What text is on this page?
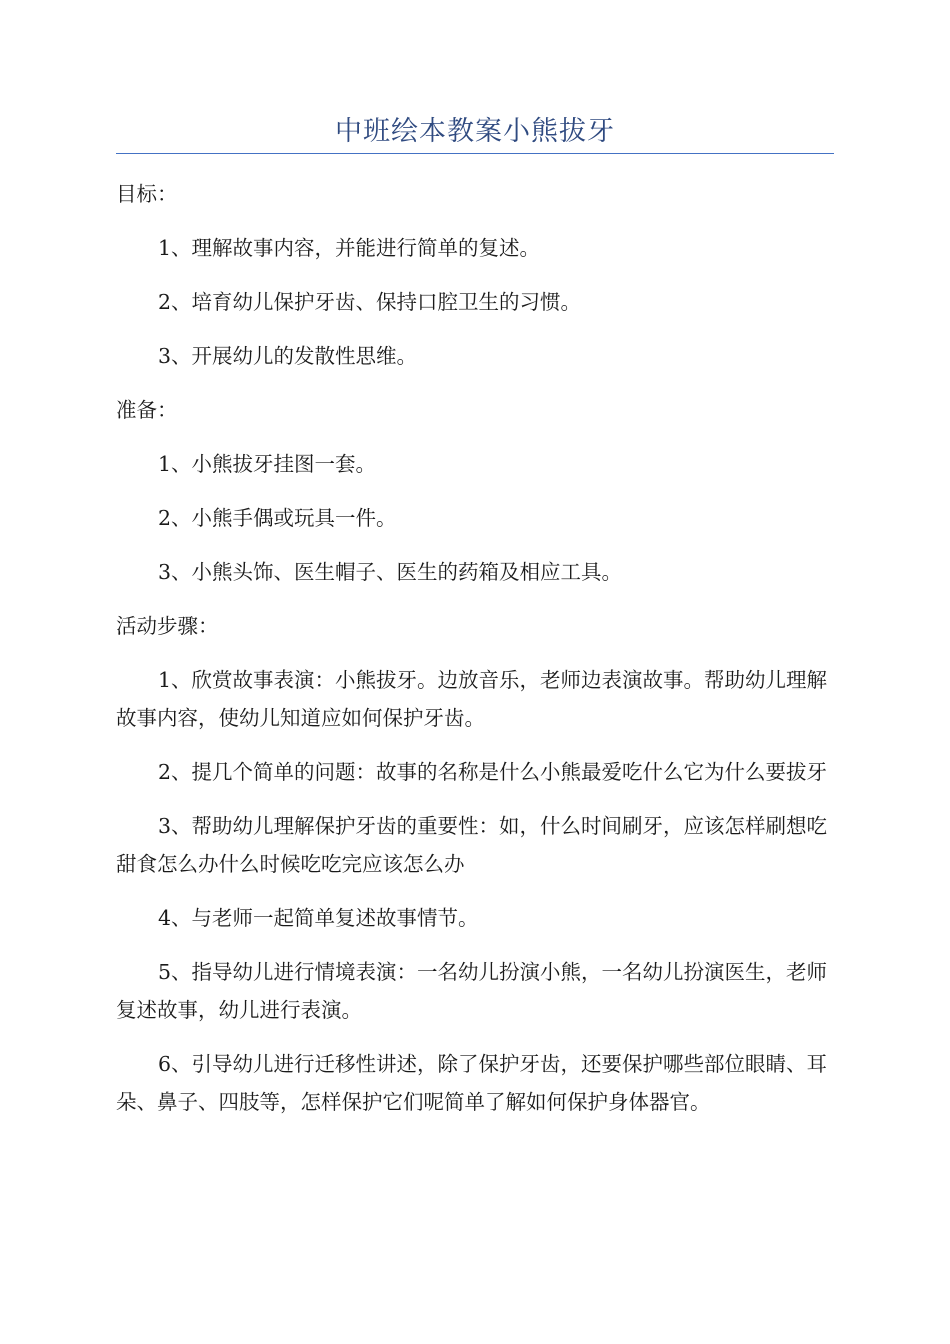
中班绘本教案小熊拔牙

目标：

1、理解故事内容，并能进行简单的复述。

2、培育幼儿保护牙齿、保持口腔卫生的习惯。

3、开展幼儿的发散性思维。

准备：

1、小熊拔牙挂图一套。

2、小熊手偶或玩具一件。

3、小熊头饰、医生帽子、医生的药箱及相应工具。

活动步骤：

1、欣赏故事表演：小熊拔牙。边放音乐，老师边表演故事。帮助幼儿理解故事内容，使幼儿知道应如何保护牙齿。

2、提几个简单的问题：故事的名称是什么小熊最爱吃什么它为什么要拔牙

3、帮助幼儿理解保护牙齿的重要性：如，什么时间刷牙，应该怎样刷想吃甜食怎么办什么时候吃吃完应该怎么办

4、与老师一起简单复述故事情节。

5、指导幼儿进行情境表演：一名幼儿扮演小熊，一名幼儿扮演医生，老师复述故事，幼儿进行表演。

6、引导幼儿进行迁移性讲述，除了保护牙齿，还要保护哪些部位眼睛、耳朵、鼻子、四肢等，怎样保护它们呢简单了解如何保护身体器官。
